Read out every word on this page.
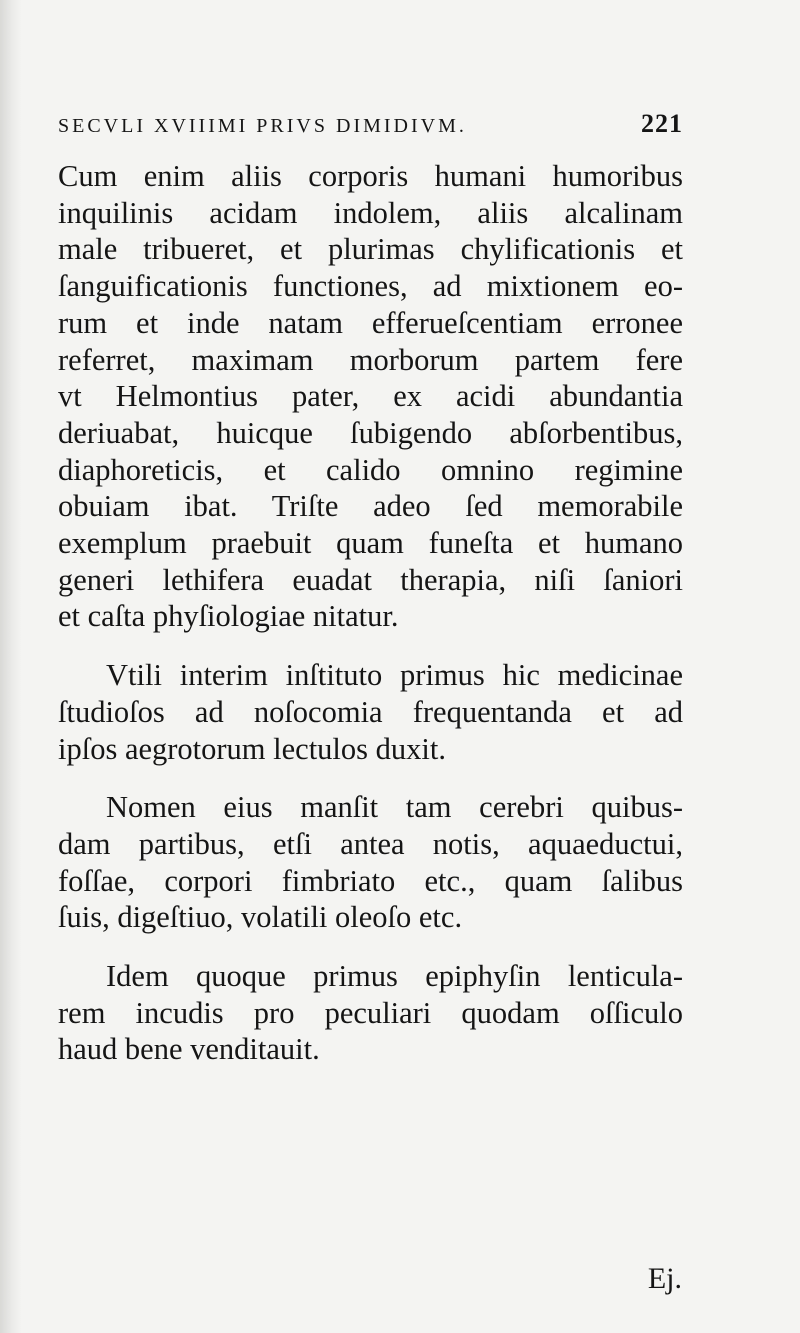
SECVLI XVIIIMI PRIVS DIMIDIVM.	221
Cum enim aliis corporis humani humoribus
inquilinis acidam indolem, aliis alcalinam
male tribueret, et plurimas chylificationis et
ſanguificationis functiones, ad mixtionem eo-
rum et inde natam efferueſcentiam erronee
referret, maximam morborum partem fere
vt Helmontius pater, ex acidi abundantia
deriuabat, huicque ſubigendo abſorbentibus,
diaphoreticis, et calido omnino regimine
obuiam ibat. Triſte adeo ſed memorabile
exemplum praebuit quam funeſta et humano
generi lethifera euadat therapia, niſi ſaniori
et caſta phyſiologiae nitatur.
Vtili interim inſtituto primus hic medicinae
ſtudioſos ad noſocomia frequentanda et ad
ipſos aegrotorum lectulos duxit.
Nomen eius manſit tam cerebri quibus-
dam partibus, etſi antea notis, aquaeductui,
foſſae, corpori fimbriato etc., quam ſalibus
ſuis, digeſtiuo, volatili oleoſo etc.
Idem quoque primus epiphyſin lenticula-
rem incudis pro peculiari quodam oſſiculo
haud bene venditauit.
Ej.
